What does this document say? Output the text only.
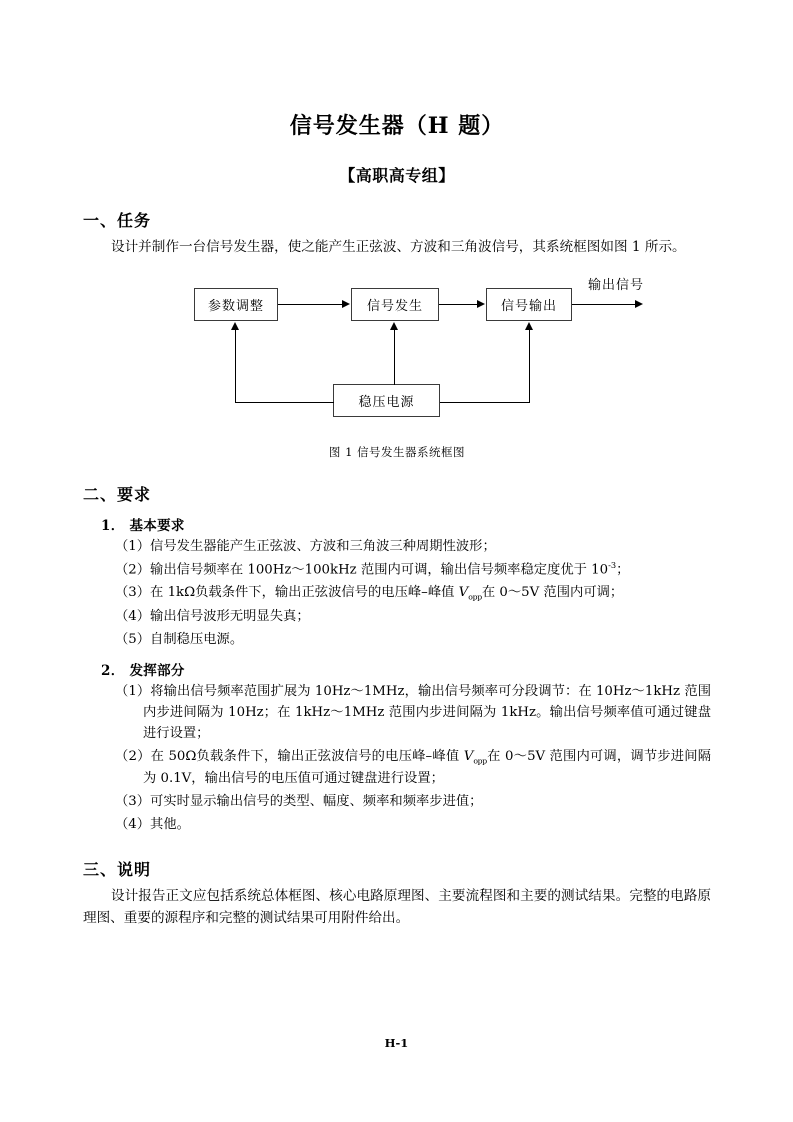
信号发生器（H 题）
【高职高专组】
一、任务
设计并制作一台信号发生器，使之能产生正弦波、方波和三角波信号，其系统框图如图 1 所示。
参数调整	信号发生	信号输出
稳压电源
输出信号
图 1 信号发生器系统框图
二、要求
1． 基本要求
（1）信号发生器能产生正弦波、方波和三角波三种周期性波形；
（2）输出信号频率在 100Hz～100kHz 范围内可调，输出信号频率稳定度优于 $10^{-3}$；
（3）在 1kΩ负载条件下，输出正弦波信号的电压峰–峰值 $V_{opp}$在 0～5V 范围内可调；
（4）输出信号波形无明显失真；
（5）自制稳压电源。
2． 发挥部分
（1）将输出信号频率范围扩展为 10Hz～1MHz，输出信号频率可分段调节：在 10Hz～1kHz 范围内步进间隔为 10Hz；在 1kHz～1MHz 范围内步进间隔为 1kHz。输出信号频率值可通过键盘进行设置；
（2）在 50Ω负载条件下，输出正弦波信号的电压峰–峰值 $V_{opp}$在 0～5V 范围内可调，调节步进间隔为 0.1V，输出信号的电压值可通过键盘进行设置；
（3）可实时显示输出信号的类型、幅度、频率和频率步进值；
（4）其他。
三、说明
设计报告正文应包括系统总体框图、核心电路原理图、主要流程图和主要的测试结果。完整的电路原理图、重要的源程序和完整的测试结果可用附件给出。
H-1
